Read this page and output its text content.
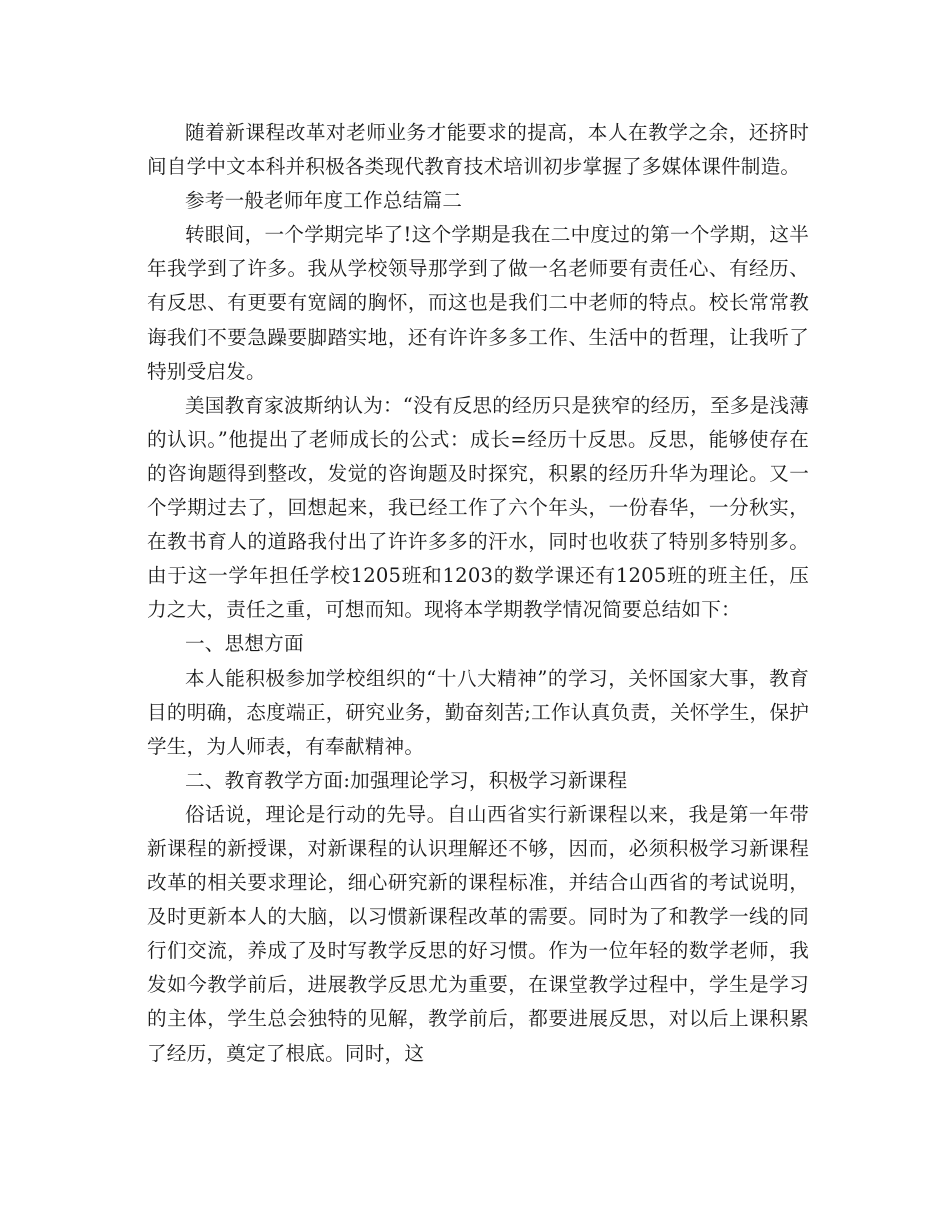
随着新课程改革对老师业务才能要求的提高，本人在教学之余，还挤时间自学中文本科并积极各类现代教育技术培训初步掌握了多媒体课件制造。

参考一般老师年度工作总结篇二

转眼间，一个学期完毕了!这个学期是我在二中度过的第一个学期，这半年我学到了许多。我从学校领导那学到了做一名老师要有责任心、有经历、有反思、有更要有宽阔的胸怀，而这也是我们二中老师的特点。校长常常教诲我们不要急躁要脚踏实地，还有许许多多工作、生活中的哲理，让我听了特别受启发。

美国教育家波斯纳认为：“没有反思的经历只是狭窄的经历，至多是浅薄的认识。”他提出了老师成长的公式：成长=经历十反思。反思，能够使存在的咨询题得到整改，发觉的咨询题及时探究，积累的经历升华为理论。又一个学期过去了，回想起来，我已经工作了六个年头，一份春华，一分秋实，在教书育人的道路我付出了许许多多的汗水，同时也收获了特别多特别多。由于这一学年担任学校1205班和1203的数学课还有1205班的班主任，压力之大，责任之重，可想而知。现将本学期教学情况简要总结如下：

一、思想方面

本人能积极参加学校组织的“十八大精神”的学习，关怀国家大事，教育目的明确，态度端正，研究业务，勤奋刻苦;工作认真负责，关怀学生，保护学生，为人师表，有奉献精神。

二、教育教学方面:加强理论学习，积极学习新课程

俗话说，理论是行动的先导。自山西省实行新课程以来，我是第一年带新课程的新授课，对新课程的认识理解还不够，因而，必须积极学习新课程改革的相关要求理论，细心研究新的课程标准，并结合山西省的考试说明，及时更新本人的大脑，以习惯新课程改革的需要。同时为了和教学一线的同行们交流，养成了及时写教学反思的好习惯。作为一位年轻的数学老师，我发如今教学前后，进展教学反思尤为重要，在课堂教学过程中，学生是学习的主体，学生总会独特的见解，教学前后，都要进展反思，对以后上课积累了经历，奠定了根底。同时，这
